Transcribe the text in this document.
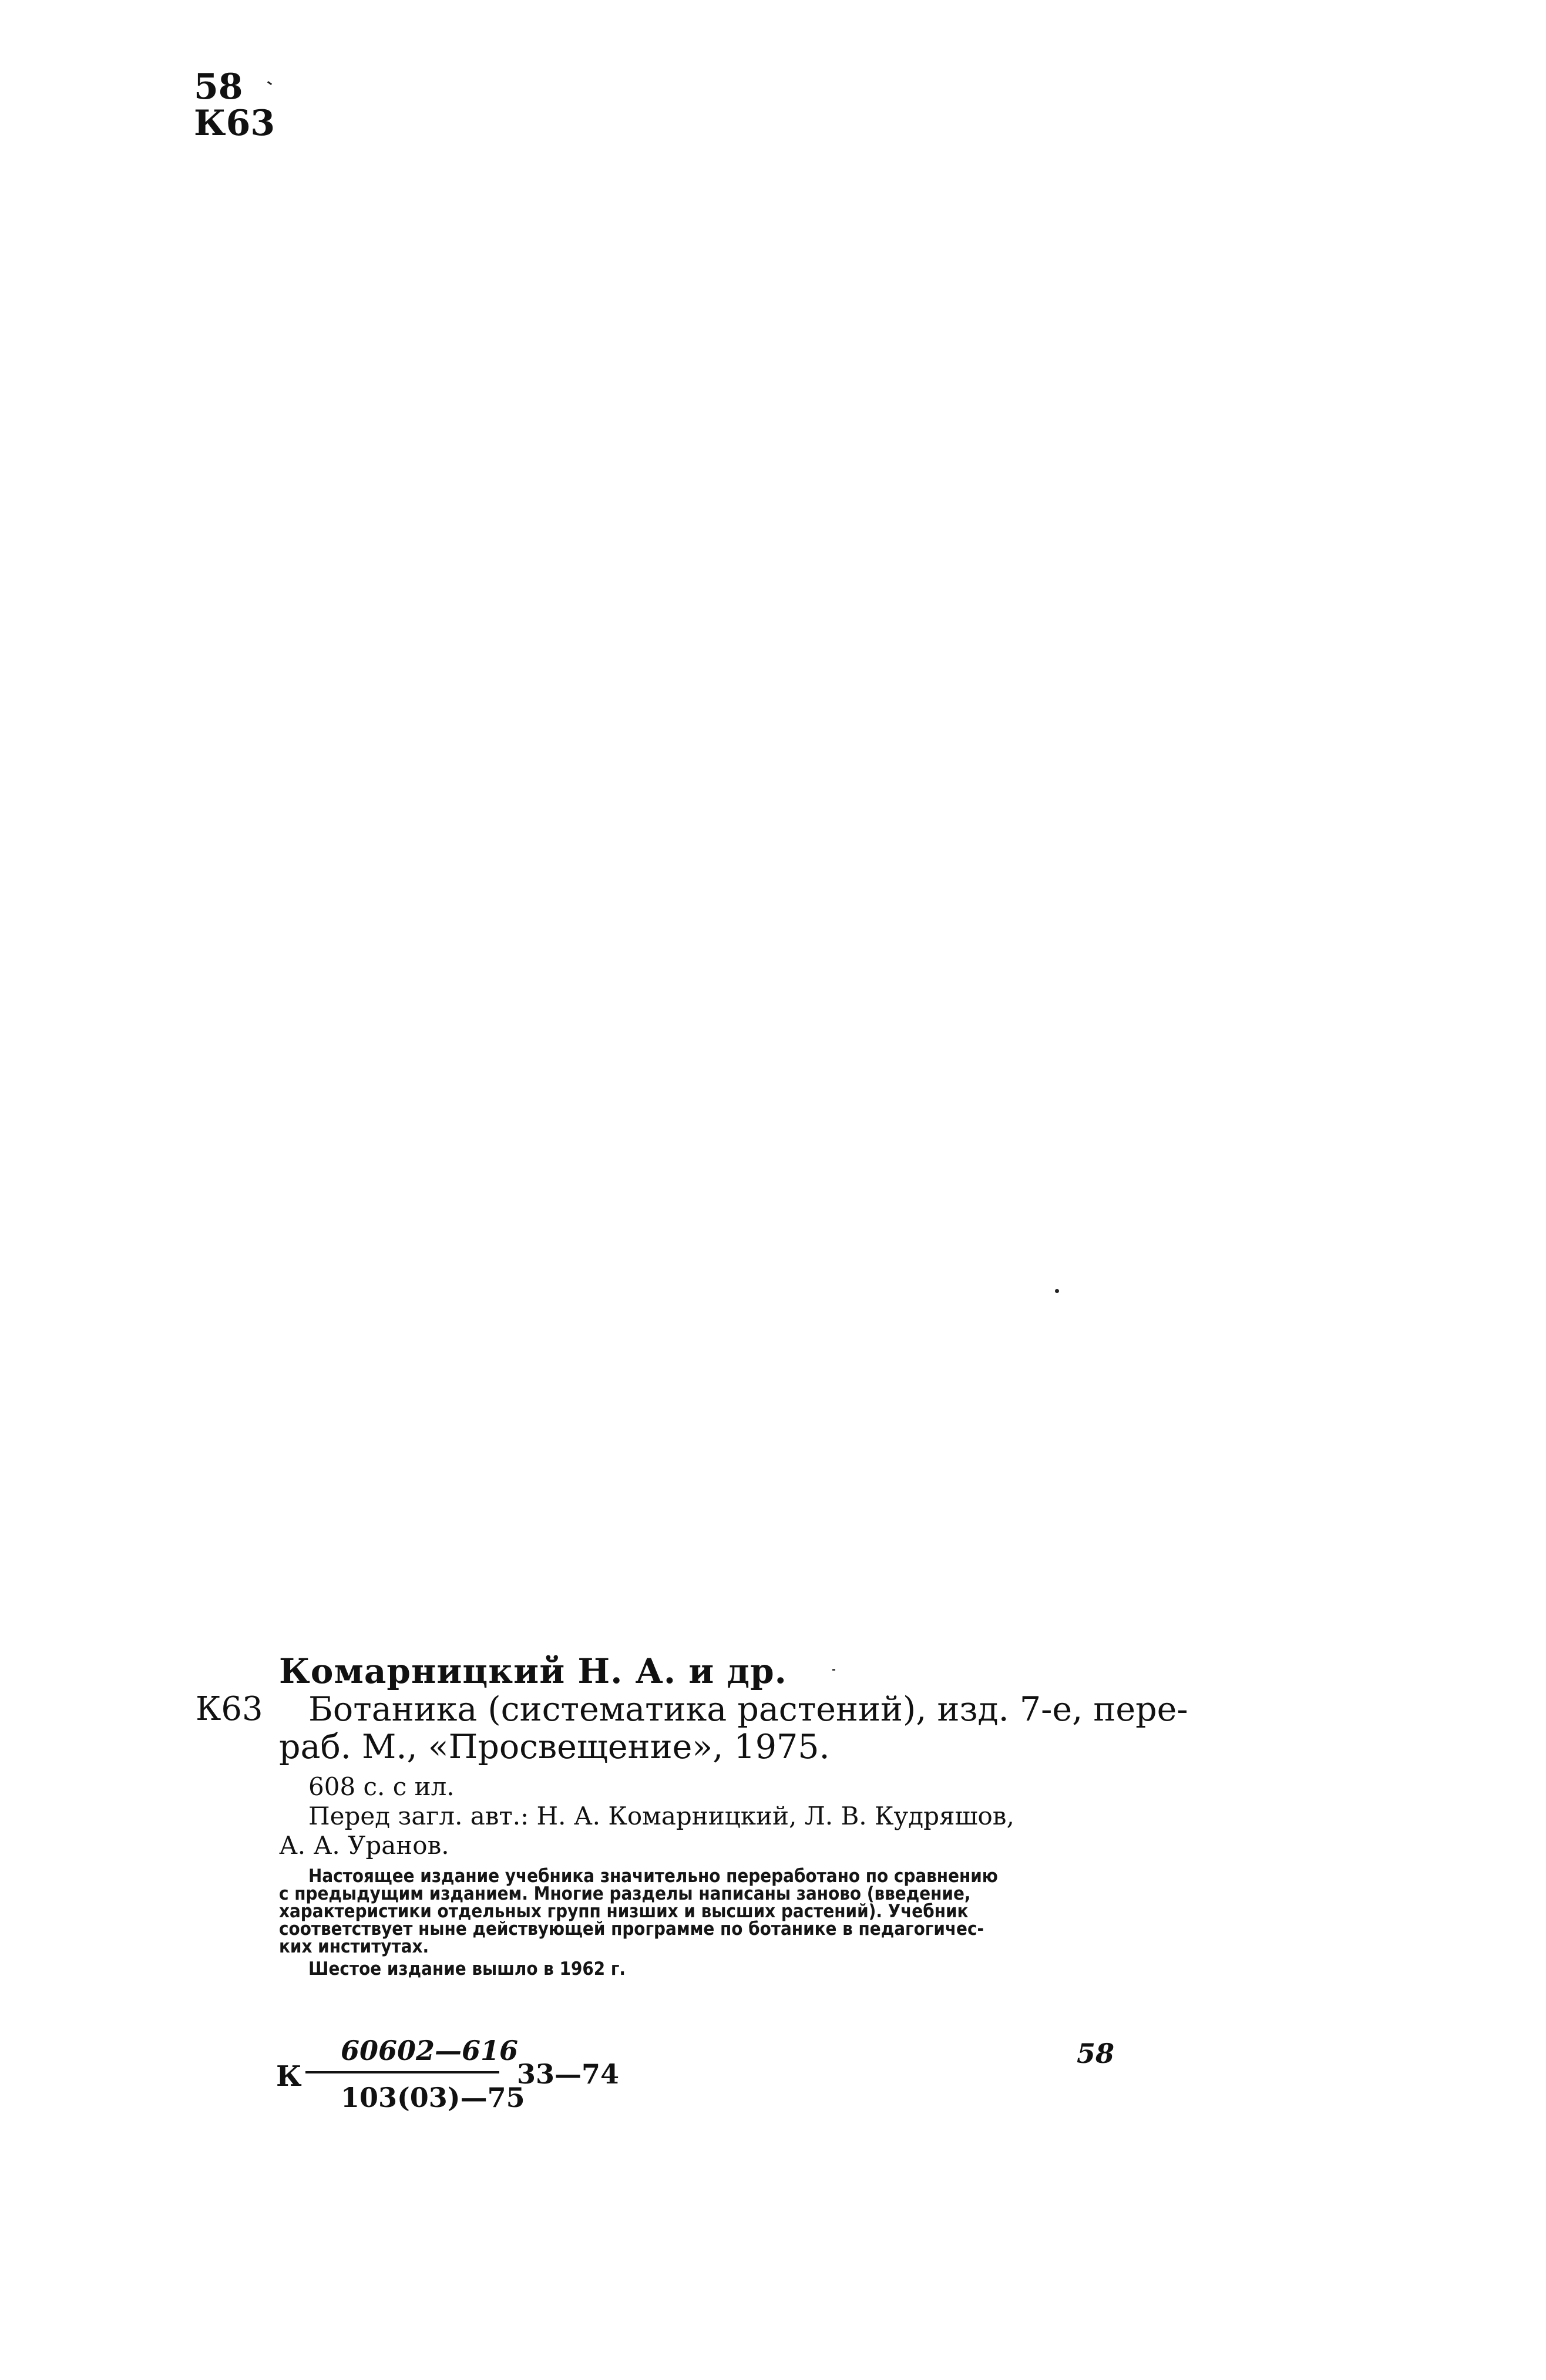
58
К63
Комарницкий Н. А. и др.
К63 Ботаника (систематика растений), изд. 7-е, пере-
раб. М., «Просвещение», 1975.
608 с. с ил.
Перед загл. авт.: Н. А. Комарницкий, Л. В. Кудряшов,
А. А. Уранов.
Настоящее издание учебника значительно переработано по сравнению
с предыдущим изданием. Многие разделы написаны заново (введение,
характеристики отдельных групп низших и высших растений). Учебник
соответствует ныне действующей программе по ботанике в педагогичес-
ких институтах.
Шестое издание вышло в 1962 г.
К
60602—616
103(03)—75
33—74
58
